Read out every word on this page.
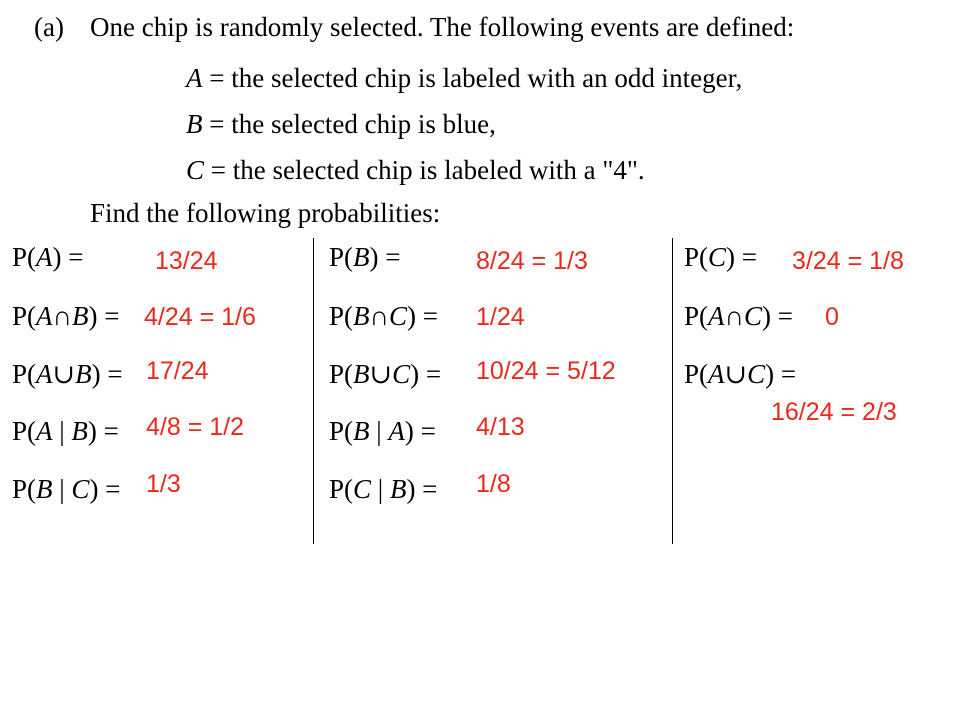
(a) One chip is randomly selected. The following events are defined:
A = the selected chip is labeled with an odd integer,
B = the selected chip is blue,
C = the selected chip is labeled with a "4".
Find the following probabilities:
P(A) =	13/24
P(A∩B) = 4/24 = 1/6
P(A∪B) = 17/24
P(A | B) = 4/8 = 1/2
P(B | C) = 1/3
P(B) =	8/24 = 1/3
P(B∩C) = 1/24
P(B∪C) = 10/24 = 5/12
P(B | A) = 4/13
P(C | B) = 1/8
P(C) = 3/24 = 1/8
P(A∩C) = 0
P(A∪C) =
16/24 = 2/3
